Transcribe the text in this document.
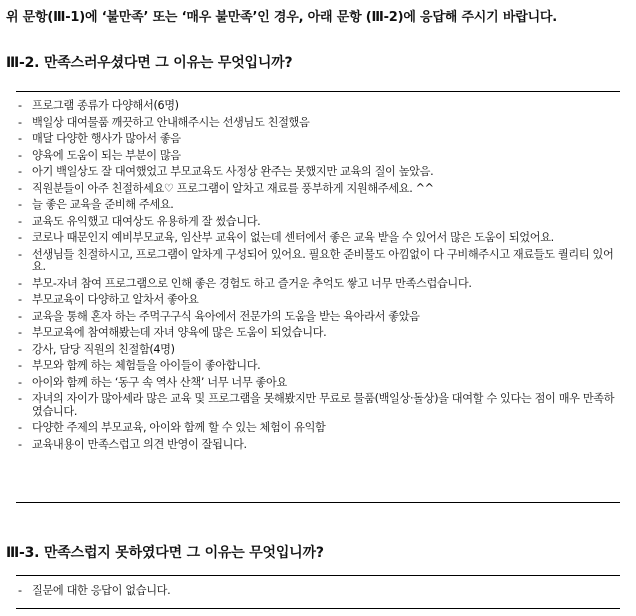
위 문항(Ⅲ-1)에 ‘불만족’ 또는 ‘매우 불만족’인 경우, 아래 문항 (Ⅲ-2)에 응답해 주시기 바랍니다.
Ⅲ-2. 만족스러우셨다면 그 이유는 무엇입니까?
- 프로그램 종류가 다양해서(6명)
- 백일상 대여물품 깨끗하고 안내해주시는 선생님도 친절했음
- 매달 다양한 행사가 많아서 좋음
- 양육에 도움이 되는 부분이 많음
- 아기 백일상도 잘 대여했었고 부모교육도 사정상 완주는 못했지만 교육의 질이 높았음.
- 직원분들이 아주 친절하세요♡ 프로그램이 알차고 재료를 풍부하게 지원해주세요. ^^
- 늘 좋은 교육을 준비해 주세요.
- 교육도 유익했고 대여상도 유용하게 잘 썼습니다.
- 코로나 때문인지 예비부모교육, 임산부 교육이 없는데 센터에서 좋은 교육 받을 수 있어서 많은 도움이 되었어요.
- 선생님들 친절하시고, 프로그램이 알차게 구성되어 있어요. 필요한 준비물도 아낌없이 다 구비해주시고 재료들도 퀄리티 있어요.
- 부모-자녀 참여 프로그램으로 인해 좋은 경험도 하고 즐거운 추억도 쌓고 너무 만족스럽습니다.
- 부모교육이 다양하고 알차서 좋아요
- 교육을 통해 혼자 하는 주먹구구식 육아에서 전문가의 도움을 받는 육아라서 좋았음
- 부모교육에 참여해봤는데 자녀 양육에 많은 도움이 되었습니다.
- 강사, 담당 직원의 친절함(4명)
- 부모와 함께 하는 체험들을 아이들이 좋아합니다.
- 아이와 함께 하는 ‘동구 속 역사 산책’ 너무 너무 좋아요
- 자녀의 자이가 많아세라 많은 교육 및 프로그램을 못해봤지만 무료로 물품(백일상·돌상)을 대여할 수 있다는 점이 매우 만족하였습니다.
- 다양한 주제의 부모교육, 아이와 함께 할 수 있는 체험이 유익함
- 교육내용이 만족스럽고 의견 반영이 잘됩니다.
Ⅲ-3. 만족스럽지 못하였다면 그 이유는 무엇입니까?
- 질문에 대한 응답이 없습니다.
